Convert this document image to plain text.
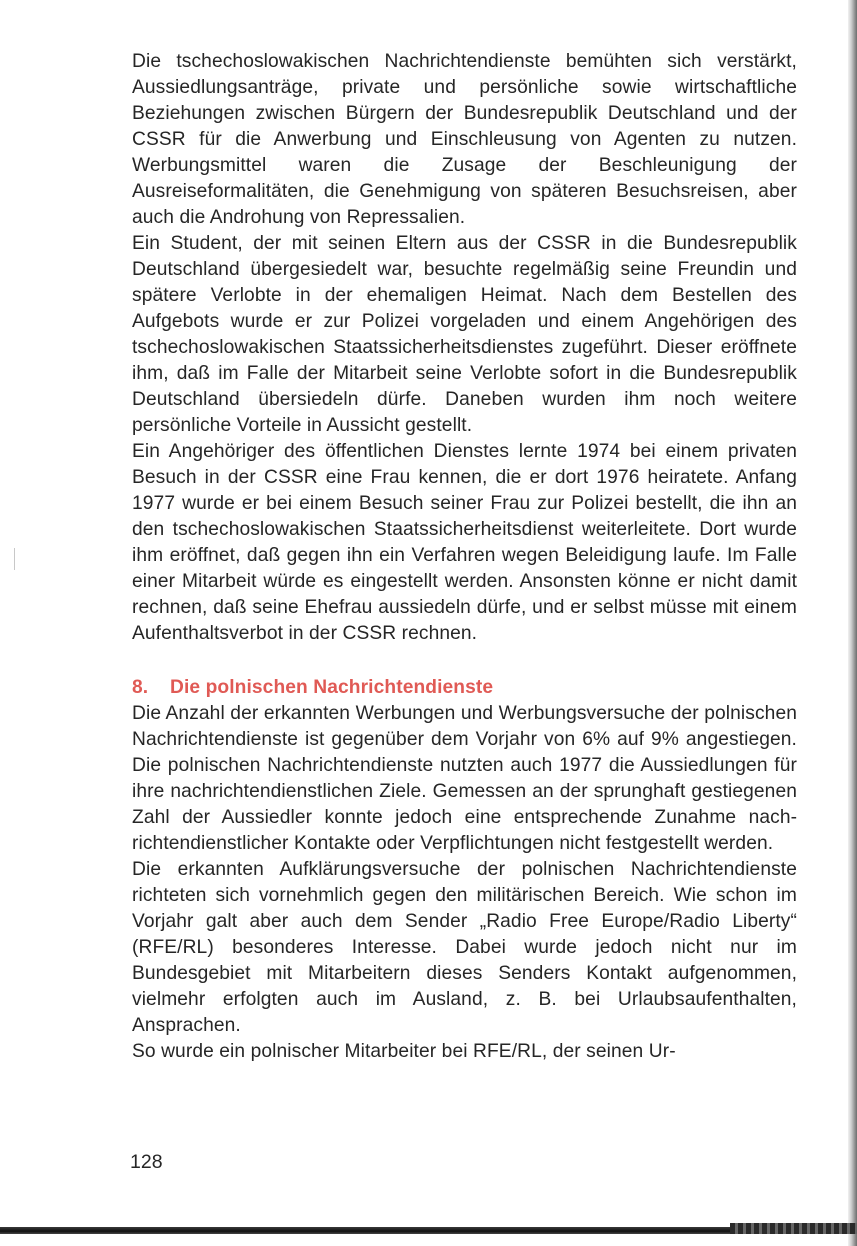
Die tschechoslowakischen Nachrichtendienste bemühten sich verstärkt, Aussiedlungsanträge, private und persönliche sowie wirtschaftliche Beziehungen zwischen Bürgern der Bundesrepublik Deutschland und der CSSR für die Anwerbung und Einschleusung von Agenten zu nutzen. Werbungsmittel waren die Zusage der Beschleunigung der Ausreiseformalitäten, die Genehmigung von späteren Besuchsreisen, aber auch die Androhung von Repressalien.

Ein Student, der mit seinen Eltern aus der CSSR in die Bundesrepublik Deutschland übergesiedelt war, besuchte regelmäßig seine Freundin und spätere Verlobte in der ehemaligen Heimat. Nach dem Bestellen des Aufgebots wurde er zur Polizei vorgeladen und einem Angehörigen des tschechoslowakischen Staatssicherheitsdienstes zugeführt. Dieser eröffnete ihm, daß im Falle der Mitarbeit seine Verlobte sofort in die Bundesrepublik Deutschland übersiedeln dürfe. Daneben wurden ihm noch weitere persönliche Vorteile in Aussicht gestellt.

Ein Angehöriger des öffentlichen Dienstes lernte 1974 bei einem privaten Besuch in der CSSR eine Frau kennen, die er dort 1976 heiratete. Anfang 1977 wurde er bei einem Besuch seiner Frau zur Polizei bestellt, die ihn an den tschechoslowakischen Staatssicherheitsdienst weiterleitete. Dort wurde ihm eröffnet, daß gegen ihn ein Verfahren wegen Beleidigung laufe. Im Falle einer Mitarbeit würde es eingestellt werden. Ansonsten könne er nicht damit rechnen, daß seine Ehefrau aussiedeln dürfe, und er selbst müsse mit einem Aufenthaltsverbot in der CSSR rechnen.

8. Die polnischen Nachrichtendienste

Die Anzahl der erkannten Werbungen und Werbungsversuche der polnischen Nachrichtendienste ist gegenüber dem Vorjahr von 6% auf 9% angestiegen. Die polnischen Nachrichtendienste nutzten auch 1977 die Aussiedlungen für ihre nachrichtendienstlichen Ziele. Gemessen an der sprunghaft gestiegenen Zahl der Aussiedler konnte jedoch eine entsprechende Zunahme nachrichtendienstlicher Kontakte oder Verpflichtungen nicht festgestellt werden.

Die erkannten Aufklärungsversuche der polnischen Nachrichtendienste richteten sich vornehmlich gegen den militärischen Bereich. Wie schon im Vorjahr galt aber auch dem Sender „Radio Free Europe/Radio Liberty“ (RFE/RL) besonderes Interesse. Dabei wurde jedoch nicht nur im Bundesgebiet mit Mitarbeitern dieses Senders Kontakt aufgenommen, vielmehr erfolgten auch im Ausland, z. B. bei Urlaubsaufenthalten, Ansprachen.

So wurde ein polnischer Mitarbeiter bei RFE/RL, der seinen Ur-

128
